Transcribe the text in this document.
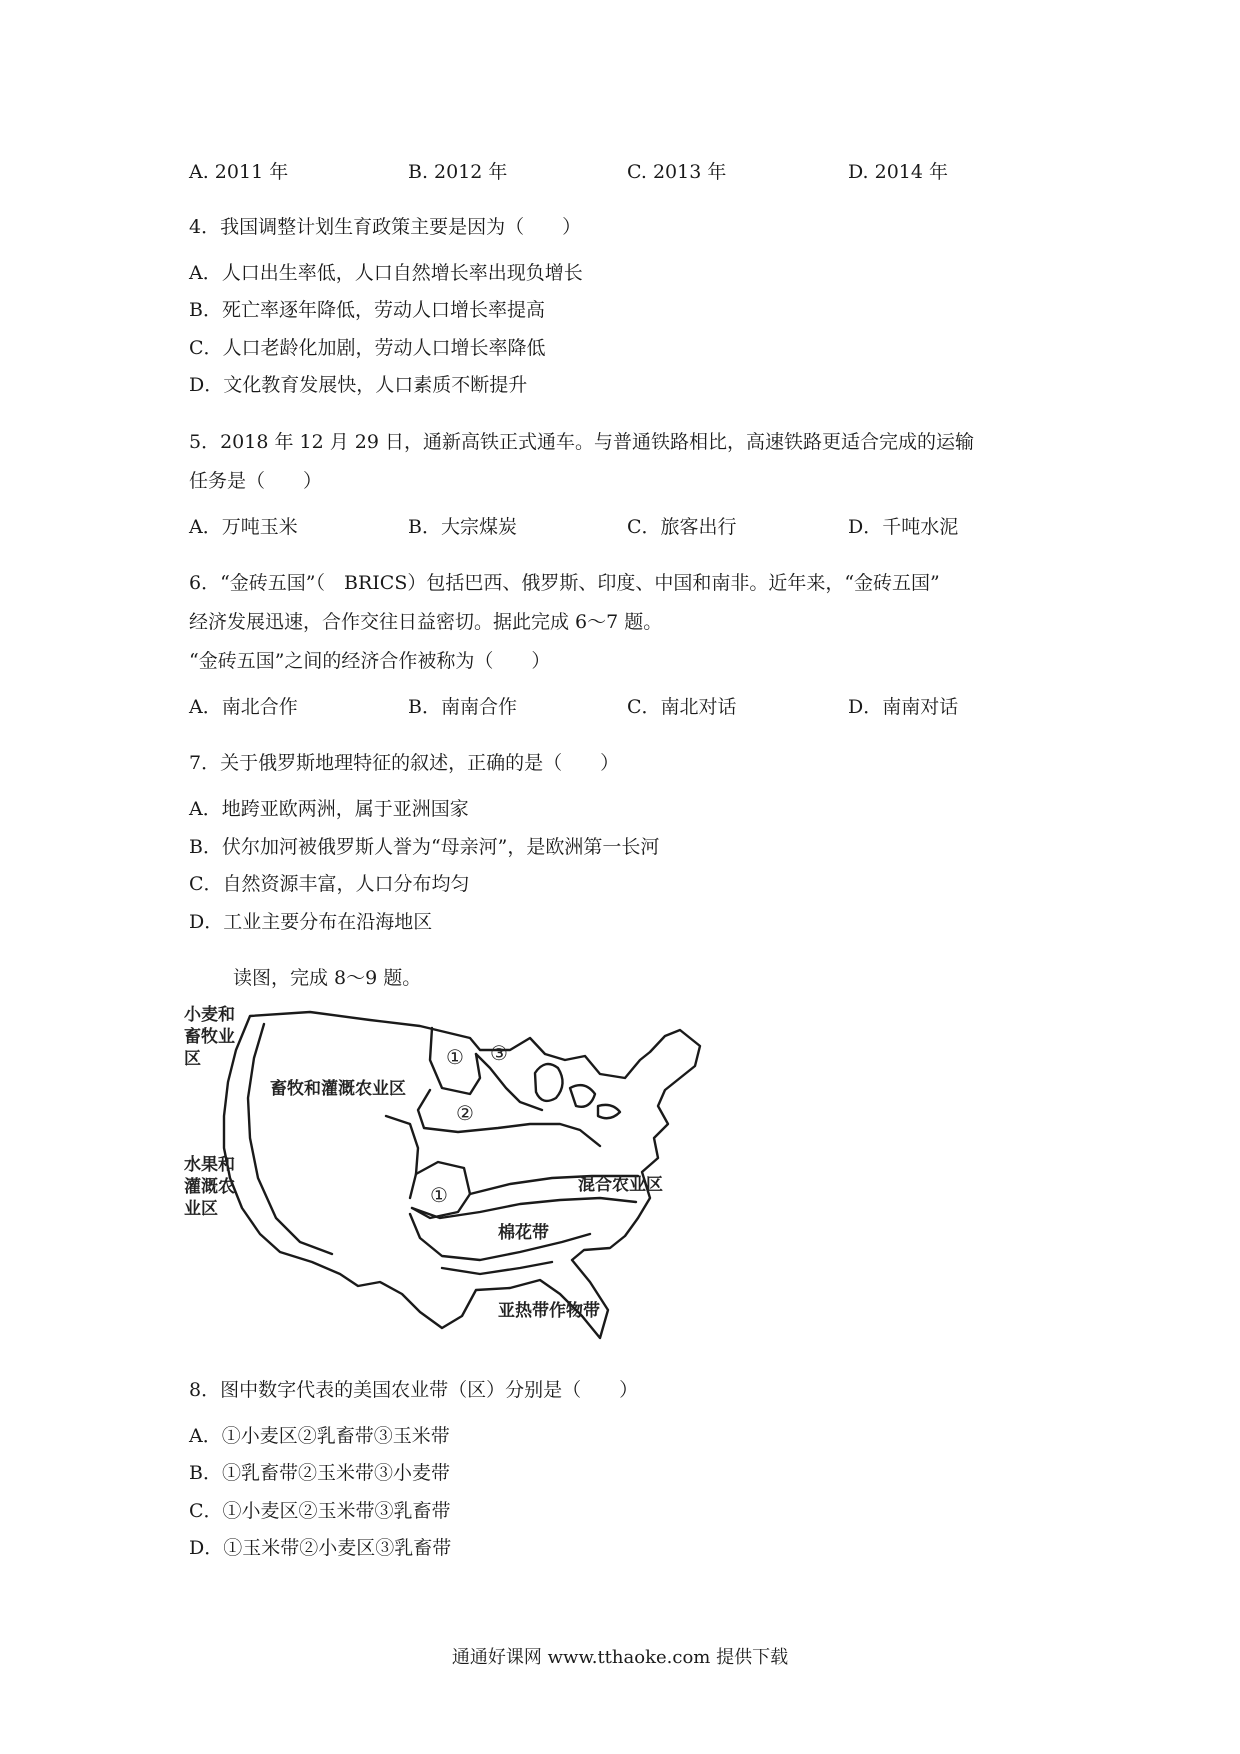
A. 2011 年	B. 2012 年	C. 2013 年	D. 2014 年
4．我国调整计划生育政策主要是因为（　　）
A．人口出生率低，人口自然增长率出现负增长
B．死亡率逐年降低，劳动人口增长率提高
C．人口老龄化加剧，劳动人口增长率降低
D．文化教育发展快，人口素质不断提升
5．2018 年 12 月 29 日，通新高铁正式通车。与普通铁路相比，高速铁路更适合完成的运输
任务是（　　）
A．万吨玉米	B．大宗煤炭	C．旅客出行	D．千吨水泥
6．“金砖五国”（　BRICS）包括巴西、俄罗斯、印度、中国和南非。近年来，“金砖五国”
经济发展迅速，合作交往日益密切。据此完成 6～7 题。
“金砖五国”之间的经济合作被称为（　　）
A．南北合作	B．南南合作	C．南北对话	D．南南对话
7．关于俄罗斯地理特征的叙述，正确的是（　　）
A．地跨亚欧两洲，属于亚洲国家
B．伏尔加河被俄罗斯人誉为“母亲河”，是欧洲第一长河
C．自然资源丰富，人口分布均匀
D．工业主要分布在沿海地区
读图，完成 8～9 题。
小麦和
畜牧业
区
畜牧和灌溉农业区
水果和
灌溉农
业区
混合农业区
棉花带
亚热带作物带
① ③
②
①
8．图中数字代表的美国农业带（区）分别是（　　）
A．①小麦区②乳畜带③玉米带
B．①乳畜带②玉米带③小麦带
C．①小麦区②玉米带③乳畜带
D．①玉米带②小麦区③乳畜带
通通好课网 www.tthaoke.com 提供下载
